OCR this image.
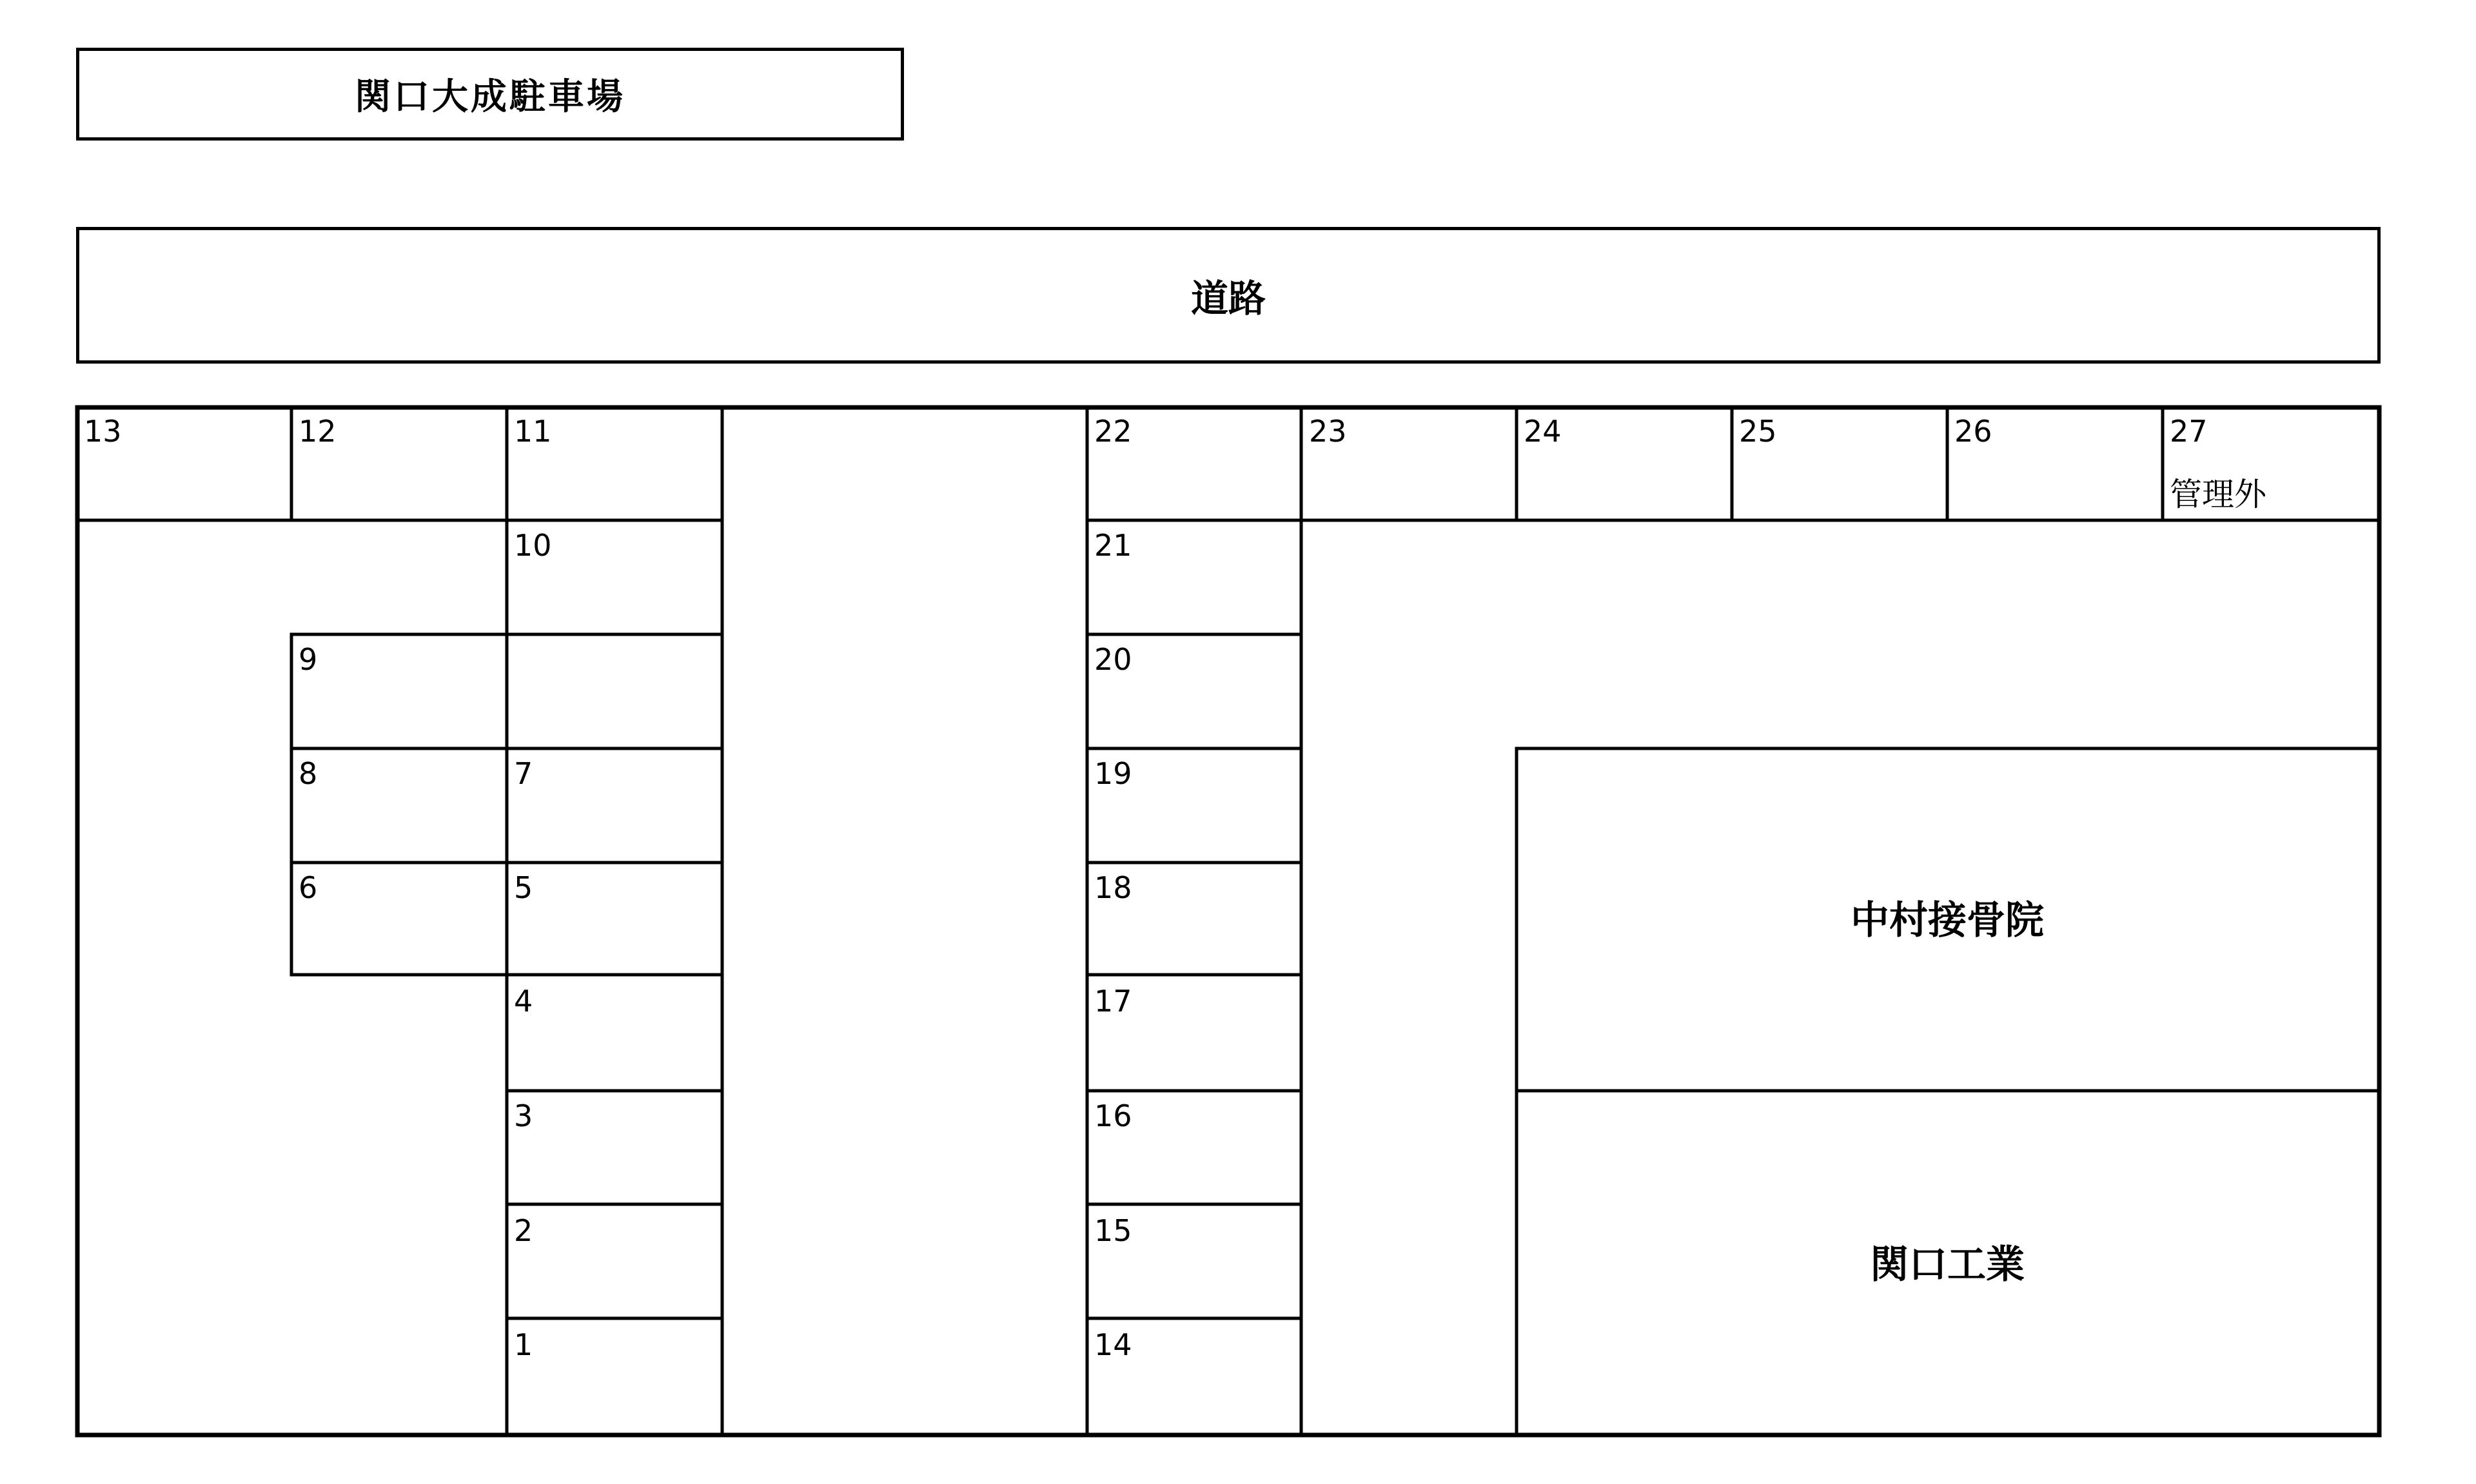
関口大成駐車場
道路
13	12	11
10
9
8	7
6	5
4
3
2
1
22	23	24	25	26	27
管理外
21
20
19
18
17
16
15
14
中村接骨院
関口工業
